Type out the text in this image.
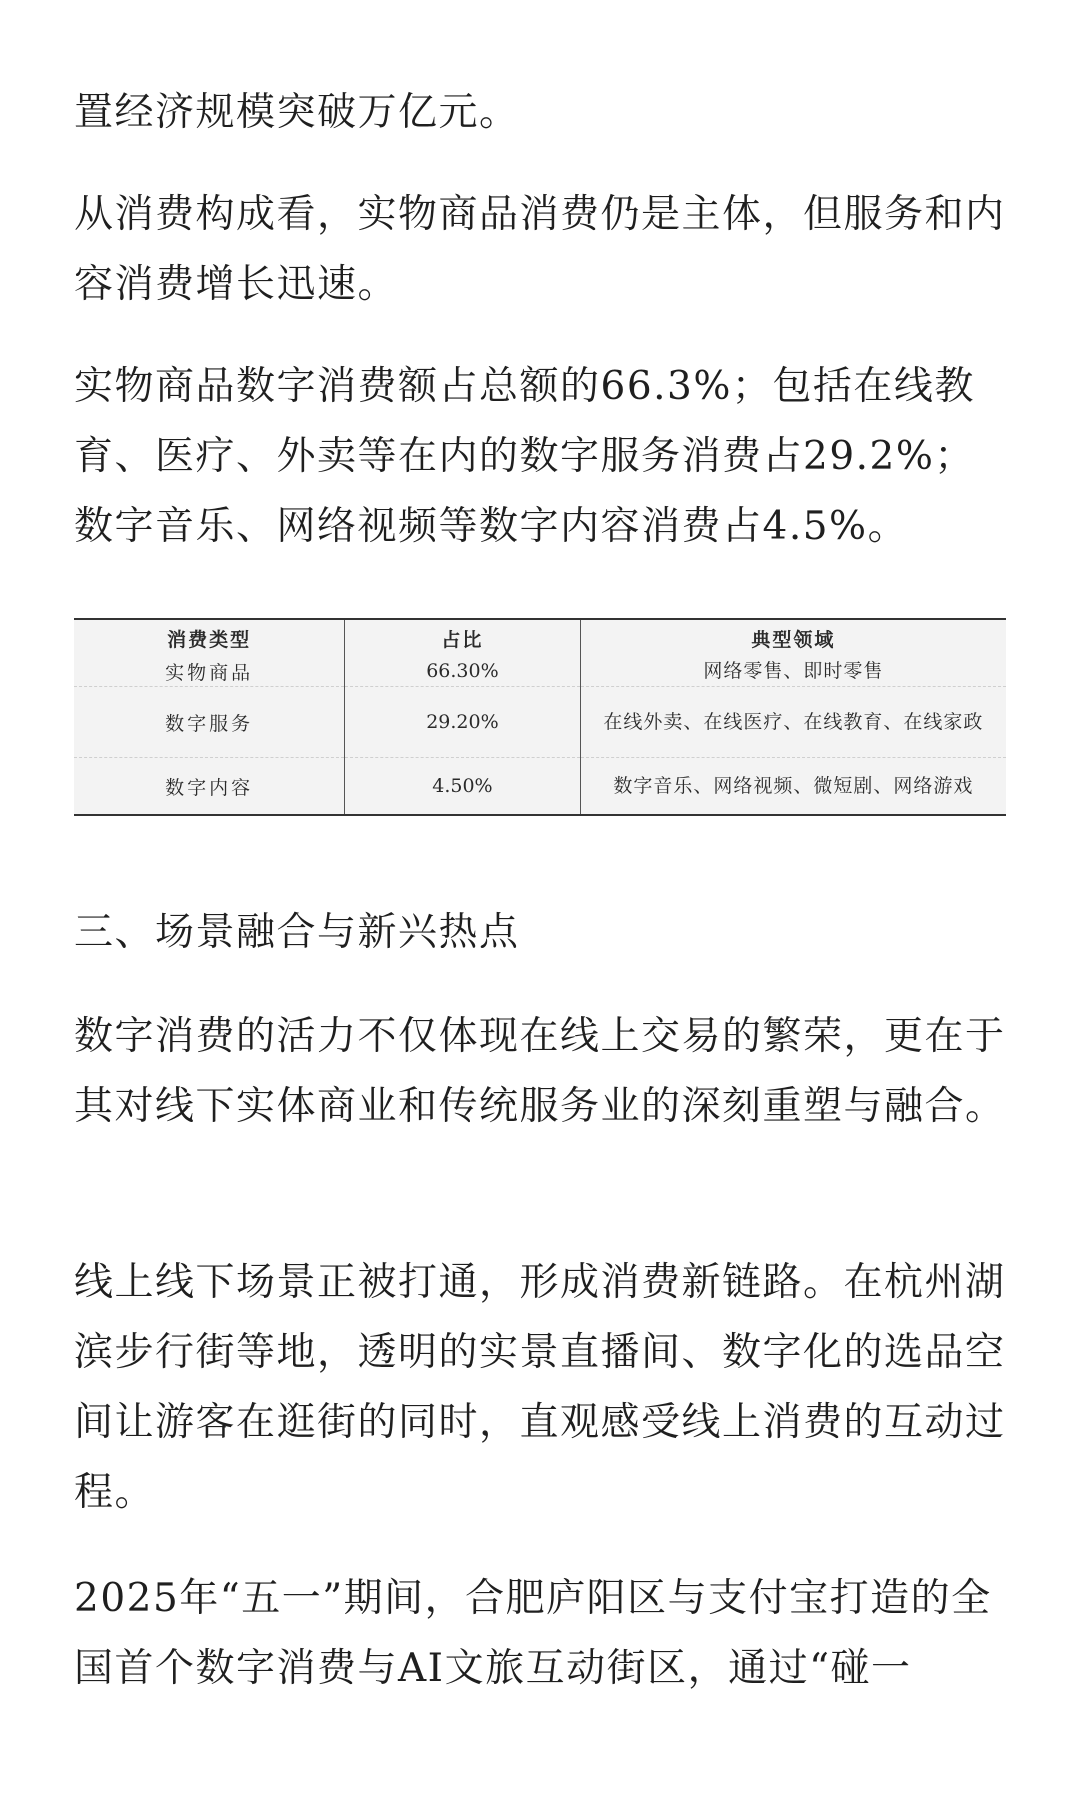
置经济规模突破万亿元。

从消费构成看，实物商品消费仍是主体，但服务和内容消费增长迅速。

实物商品数字消费额占总额的66.3%；包括在线教育、医疗、外卖等在内的数字服务消费占29.2%；数字音乐、网络视频等数字内容消费占4.5%。

消费类型	占比	典型领域
实物商品	66.30%	网络零售、即时零售
数字服务	29.20%	在线外卖、在线医疗、在线教育、在线家政
数字内容	4.50%	数字音乐、网络视频、微短剧、网络游戏

三、场景融合与新兴热点

数字消费的活力不仅体现在线上交易的繁荣，更在于其对线下实体商业和传统服务业的深刻重塑与融合。

线上线下场景正被打通，形成消费新链路。在杭州湖滨步行街等地，透明的实景直播间、数字化的选品空间让游客在逛街的同时，直观感受线上消费的互动过程。

2025年“五一”期间，合肥庐阳区与支付宝打造的全国首个数字消费与AI文旅互动街区，通过“碰一
